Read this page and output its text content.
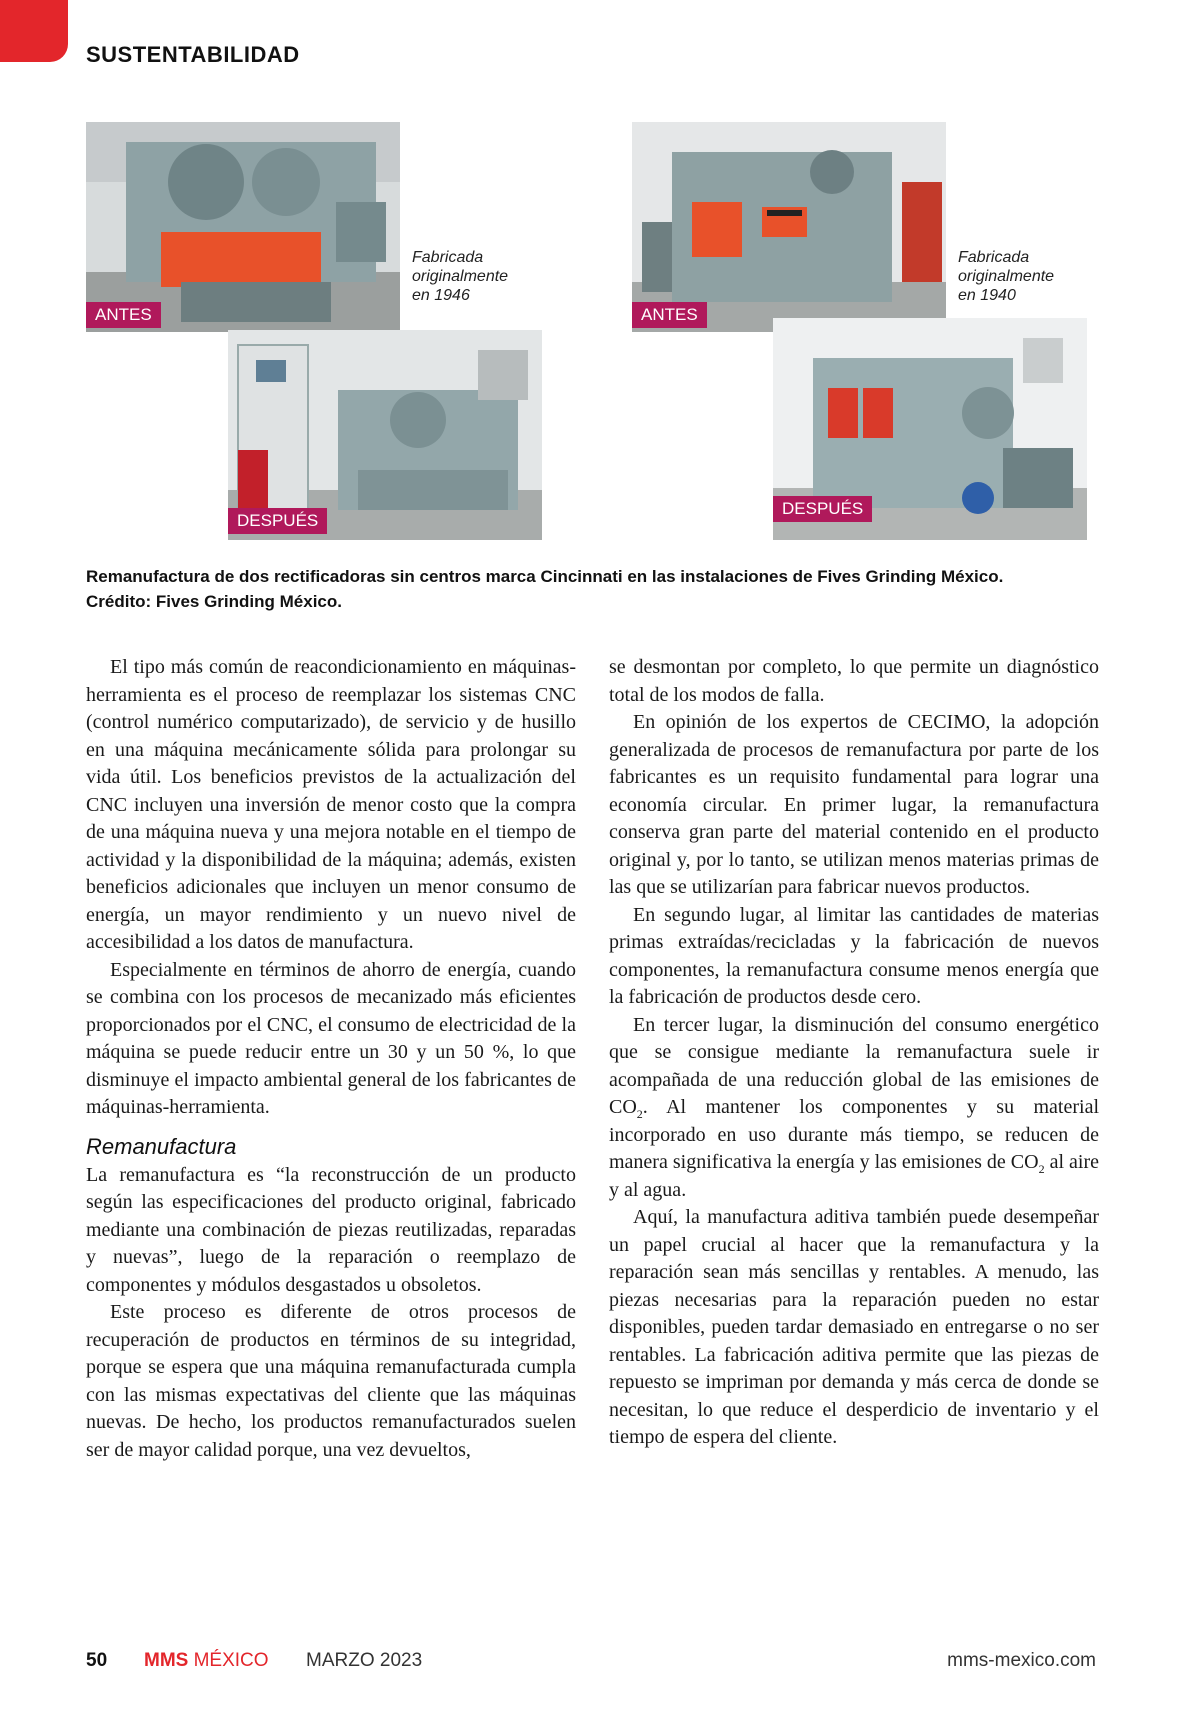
SUSTENTABILIDAD
ANTES
Fabricada
originalmente
en 1946
DESPUÉS
ANTES
Fabricada
originalmente
en 1940
DESPUÉS
Remanufactura de dos rectificadoras sin centros marca Cincinnati en las instalaciones de Fives Grinding México.
Crédito: Fives Grinding México.

El tipo más común de reacondicionamiento en máquinas-herramienta es el proceso de reemplazar los sistemas CNC (control numérico computarizado), de servicio y de husillo en una máquina mecánicamente sólida para prolongar su vida útil. Los beneficios previstos de la actualización del CNC incluyen una inversión de menor costo que la compra de una máquina nueva y una mejora notable en el tiempo de actividad y la disponibilidad de la máquina; además, existen beneficios adicionales que incluyen un menor consumo de energía, un mayor rendimiento y un nuevo nivel de accesibilidad a los datos de manufactura.

Especialmente en términos de ahorro de energía, cuando se combina con los procesos de mecanizado más eficientes proporcionados por el CNC, el consumo de electricidad de la máquina se puede reducir entre un 30 y un 50 %, lo que disminuye el impacto ambiental general de los fabricantes de máquinas-herramienta.

Remanufactura

La remanufactura es “la reconstrucción de un producto según las especificaciones del producto original, fabricado mediante una combinación de piezas reutilizadas, reparadas y nuevas”, luego de la reparación o reemplazo de componentes y módulos desgastados u obsoletos.

Este proceso es diferente de otros procesos de recuperación de productos en términos de su integridad, porque se espera que una máquina remanufacturada cumpla con las mismas expectativas del cliente que las máquinas nuevas. De hecho, los productos remanufacturados suelen ser de mayor calidad porque, una vez devueltos,

se desmontan por completo, lo que permite un diagnóstico total de los modos de falla.

En opinión de los expertos de CECIMO, la adopción generalizada de procesos de remanufactura por parte de los fabricantes es un requisito fundamental para lograr una economía circular. En primer lugar, la remanufactura conserva gran parte del material contenido en el producto original y, por lo tanto, se utilizan menos materias primas de las que se utilizarían para fabricar nuevos productos.

En segundo lugar, al limitar las cantidades de materias primas extraídas/recicladas y la fabricación de nuevos componentes, la remanufactura consume menos energía que la fabricación de productos desde cero.

En tercer lugar, la disminución del consumo energético que se consigue mediante la remanufactura suele ir acompañada de una reducción global de las emisiones de $CO_2$. Al mantener los componentes y su material incorporado en uso durante más tiempo, se reducen de manera significativa la energía y las emisiones de $CO_2$ al aire y al agua.

Aquí, la manufactura aditiva también puede desempeñar un papel crucial al hacer que la remanufactura y la reparación sean más sencillas y rentables. A menudo, las piezas necesarias para la reparación pueden no estar disponibles, pueden tardar demasiado en entregarse o no ser rentables. La fabricación aditiva permite que las piezas de repuesto se impriman por demanda y más cerca de donde se necesitan, lo que reduce el desperdicio de inventario y el tiempo de espera del cliente.

50 MMS MÉXICO MARZO 2023	mms-mexico.com
